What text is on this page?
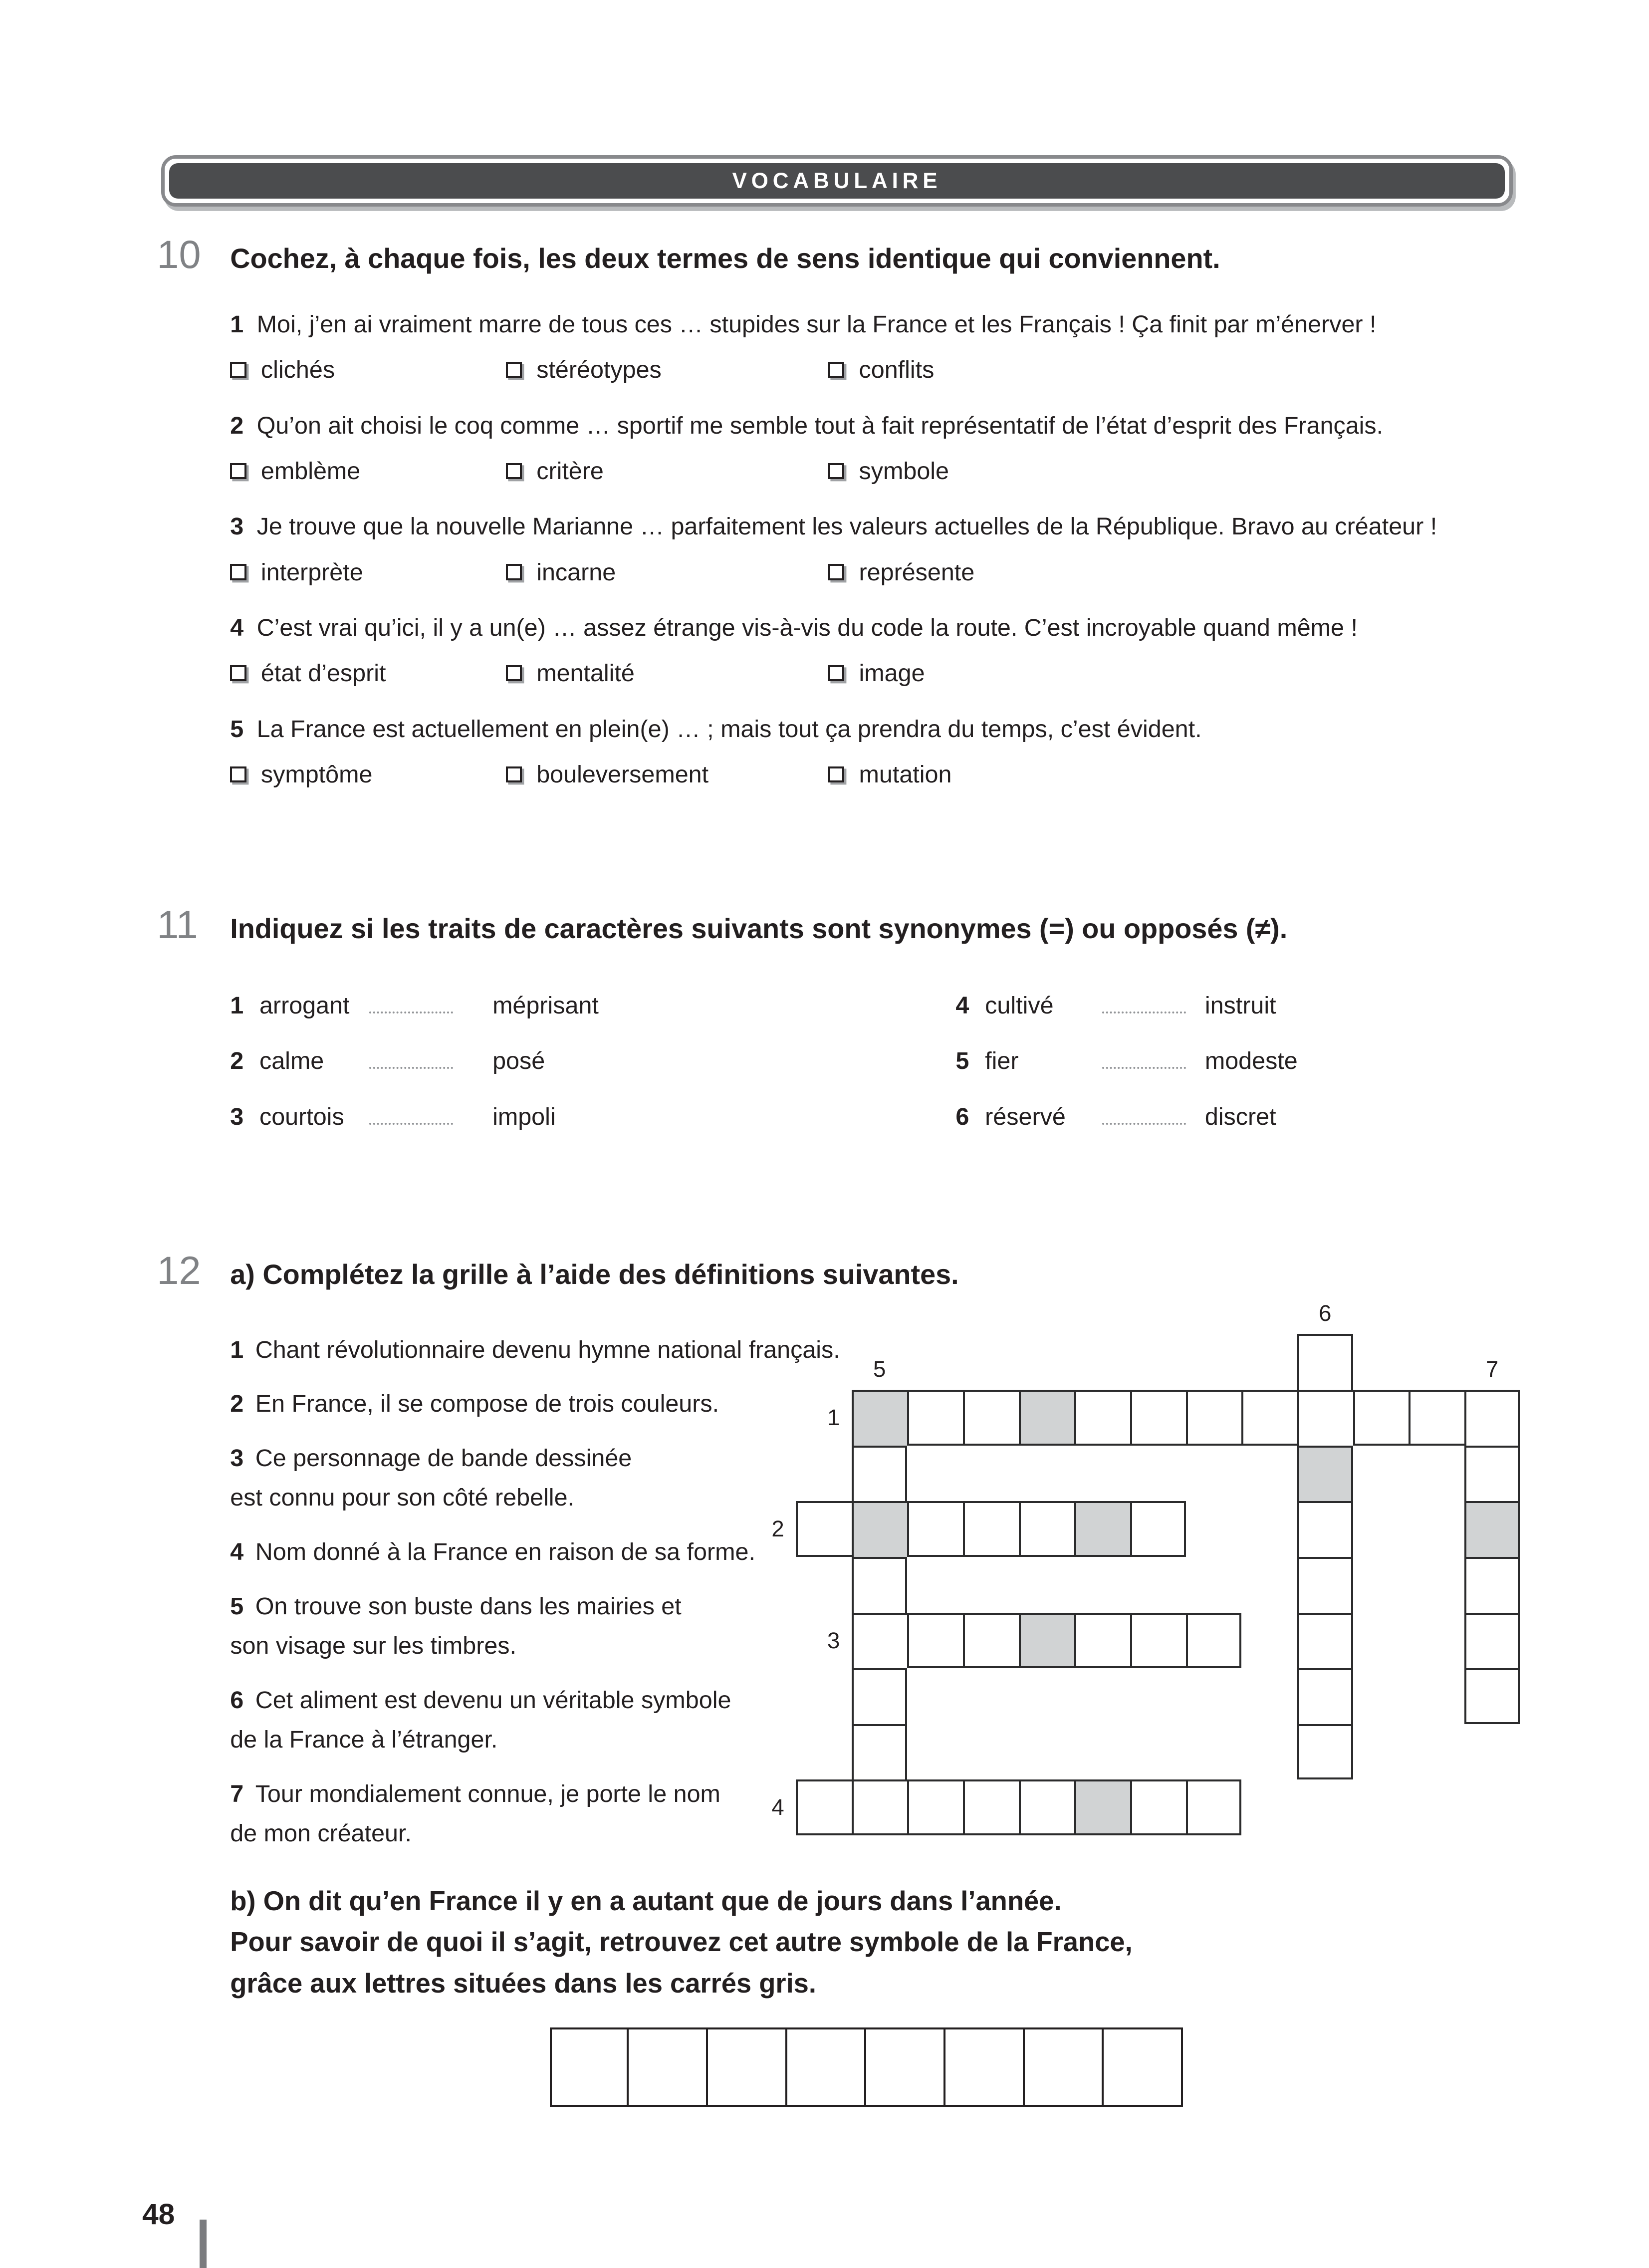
VOCABULAIRE
10	Cochez, à chaque fois, les deux termes de sens identique qui conviennent.
1 Moi, j’en ai vraiment marre de tous ces … stupides sur la France et les Français ! Ça finit par m’énerver !
clichés	stéréotypes	conflits
2 Qu’on ait choisi le coq comme … sportif me semble tout à fait représentatif de l’état d’esprit des Français.
emblème	critère	symbole
3 Je trouve que la nouvelle Marianne … parfaitement les valeurs actuelles de la République. Bravo au créateur !
interprète	incarne	représente
4 C’est vrai qu’ici, il y a un(e) … assez étrange vis-à-vis du code la route. C’est incroyable quand même !
état d’esprit	mentalité	image
5 La France est actuellement en plein(e) … ; mais tout ça prendra du temps, c’est évident.
symptôme	bouleversement	mutation
11	Indiquez si les traits de caractères suivants sont synonymes (=) ou opposés (≠).
1 arrogant	méprisant
2 calme	posé
3 courtois	impoli
4 cultivé	instruit
5 fier	modeste
6 réservé	discret
12	a) Complétez la grille à l’aide des définitions suivantes.
1 Chant révolutionnaire devenu hymne national français.
2 En France, il se compose de trois couleurs.
3 Ce personnage de bande dessinée
est connu pour son côté rebelle.
4 Nom donné à la France en raison de sa forme.
5 On trouve son buste dans les mairies et
son visage sur les timbres.
6 Cet aliment est devenu un véritable symbole
de la France à l’étranger.
7 Tour mondialement connue, je porte le nom
de mon créateur.
1
2
3
4
5
6
7
b) On dit qu’en France il y en a autant que de jours dans l’année.
Pour savoir de quoi il s’agit, retrouvez cet autre symbole de la France,
grâce aux lettres situées dans les carrés gris.
48
